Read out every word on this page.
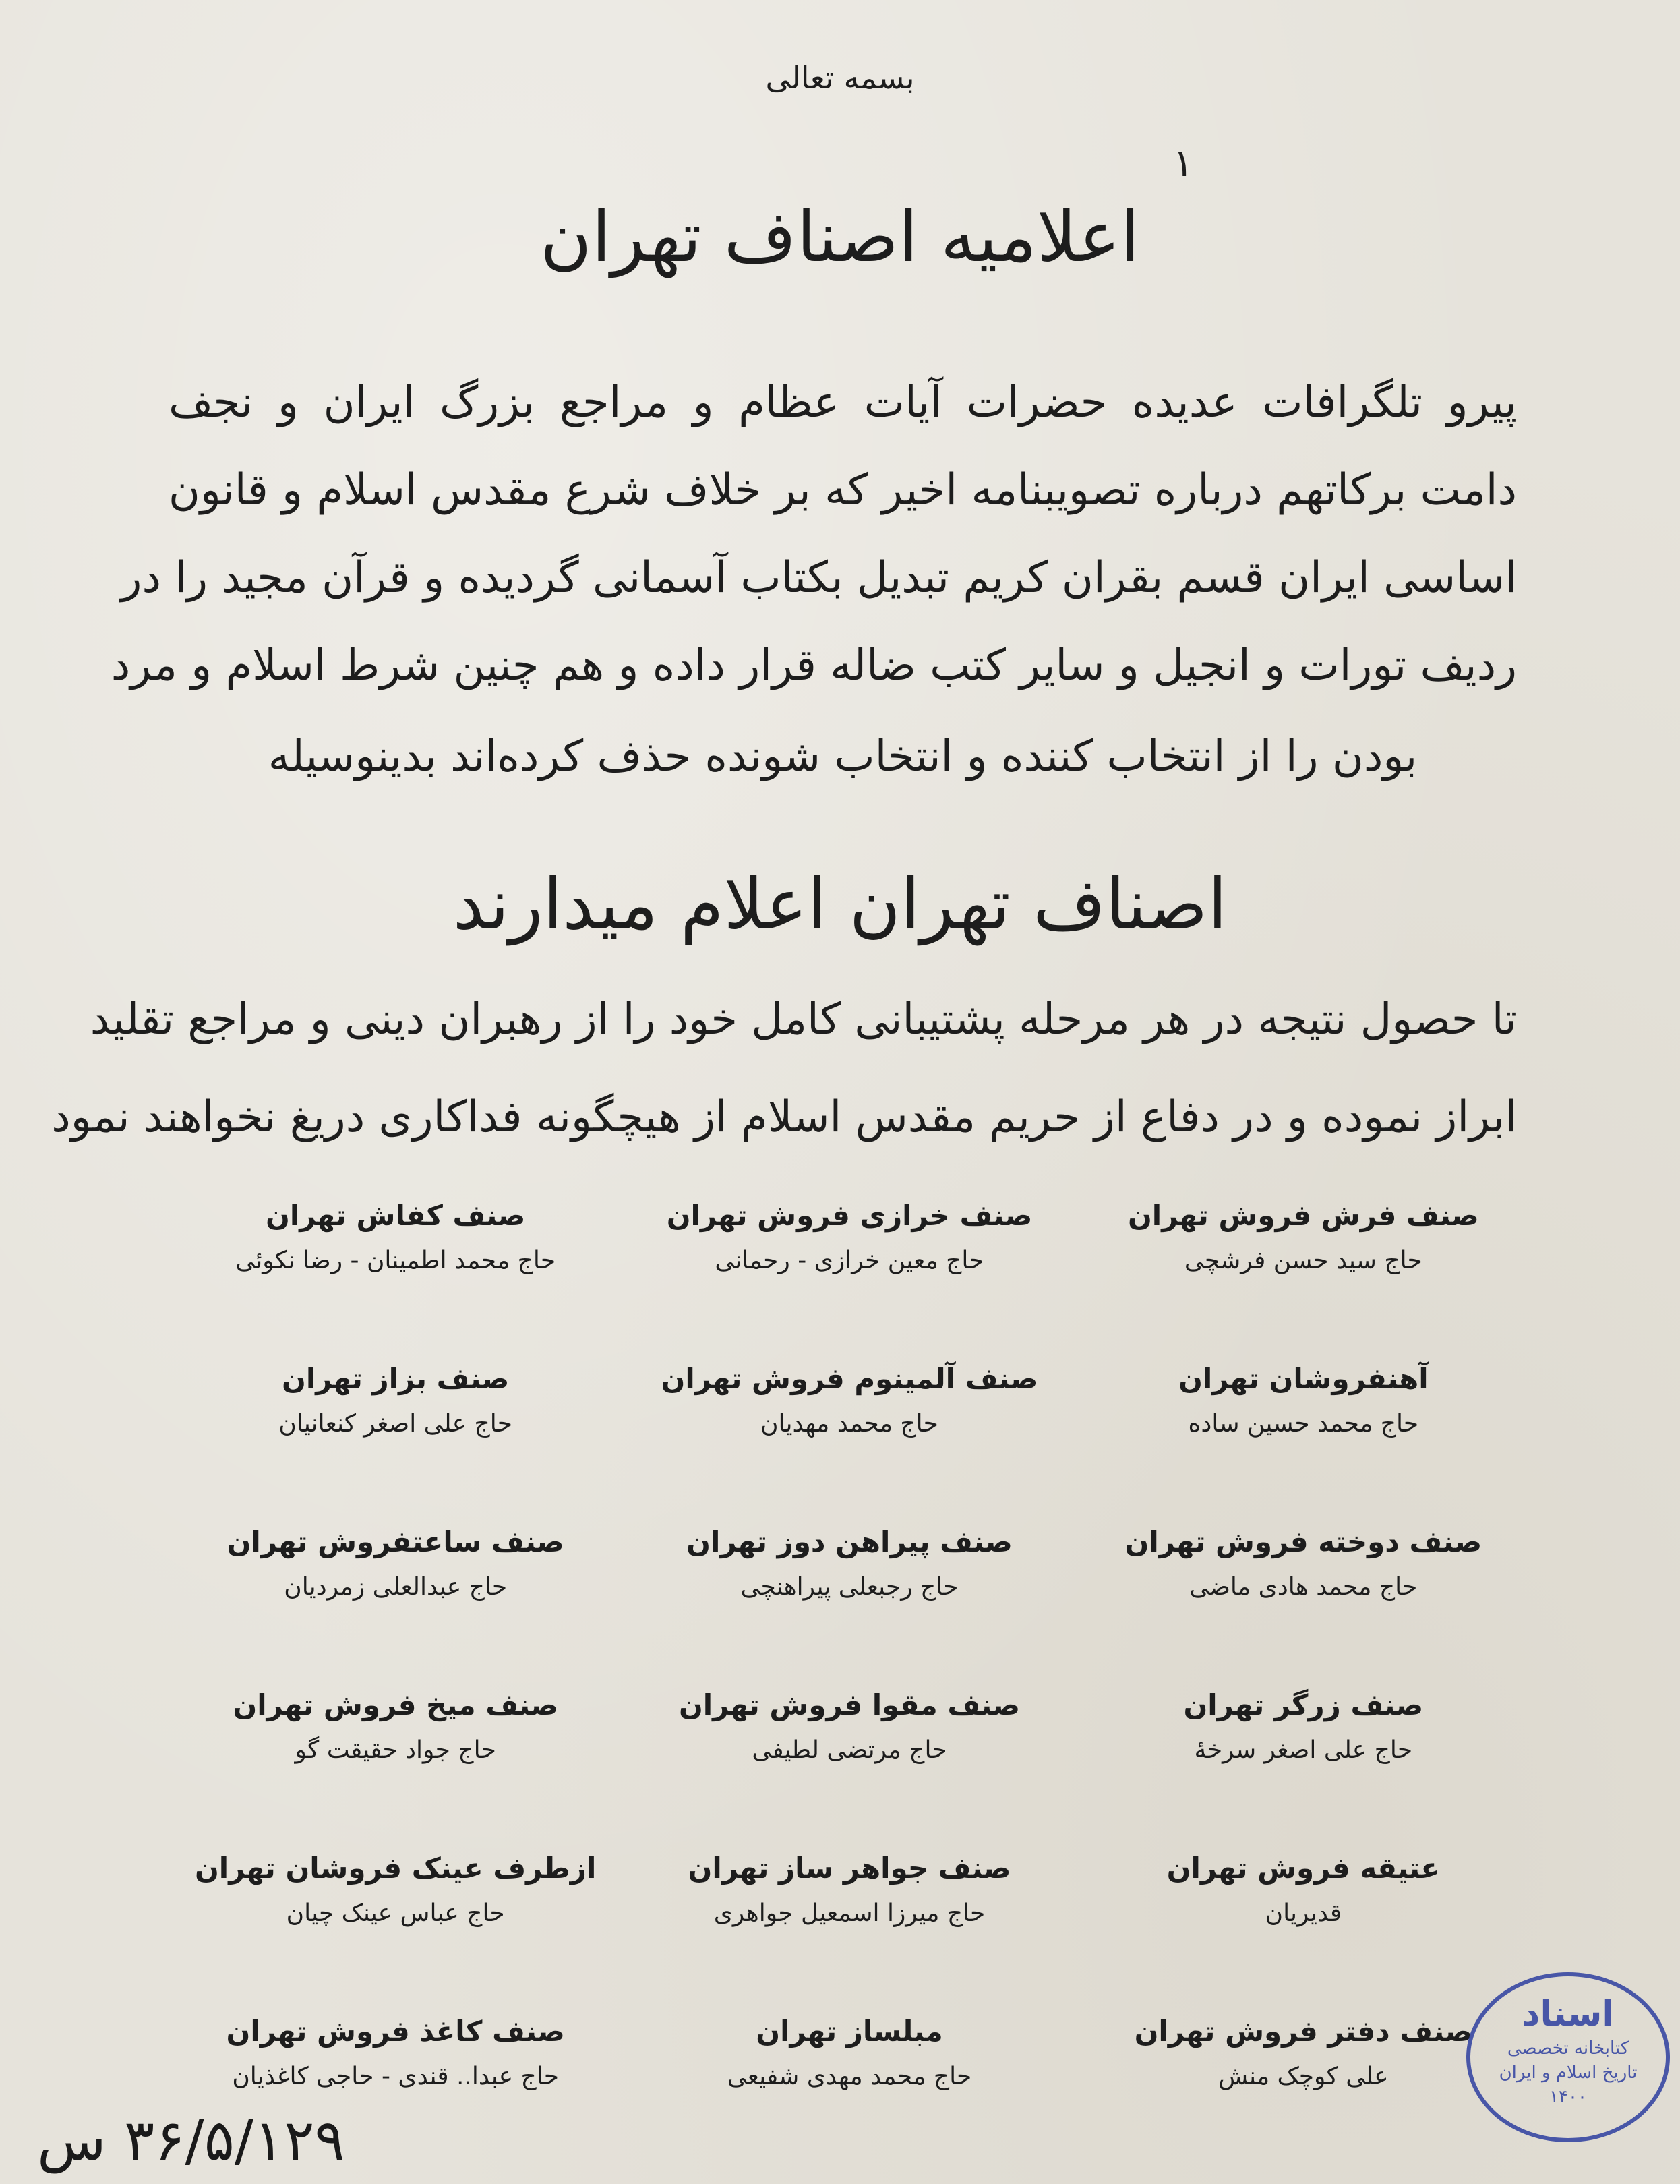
بسمه تعالی
۱
اعلامیه اصناف تهران
پیرو تلگرافات عدیده حضرات آیات عظام و مراجع بزرگ ایران و نجف
دامت برکاتهم درباره تصویبنامه اخیر که بر خلاف شرع مقدس اسلام و قانون
اساسی ایران قسم بقران کریم تبدیل بکتاب آسمانی گردیده و قرآن مجید را در
ردیف تورات و انجیل و سایر کتب ضاله قرار داده و هم چنین شرط اسلام و مرد
بودن را از انتخاب کننده و انتخاب شونده حذف کرده‌اند بدینوسیله
اصناف تهران اعلام میدارند
تا حصول نتیجه در هر مرحله پشتیبانی کامل خود را از رهبران دینی و مراجع تقلید
ابراز نموده و در دفاع از حریم مقدس اسلام از هیچگونه فداکاری دریغ نخواهند نمود
صنف فرش فروش تهران
حاج سید حسن فرشچی
صنف خرازی فروش تهران
حاج معین خرازی - رحمانی
صنف کفاش تهران
حاج محمد اطمینان - رضا نکوئی
آهنفروشان تهران
حاج محمد حسین ساده
صنف آلمینوم فروش تهران
حاج محمد مهدیان
صنف بزاز تهران
حاج علی اصغر کنعانیان
صنف دوخته فروش تهران
حاج محمد هادی ماضی
صنف پیراهن دوز تهران
حاج رجبعلی پیراهنچی
صنف ساعتفروش تهران
حاج عبدالعلی زمردیان
صنف زرگر تهران
حاج علی اصغر سرخهٔ
صنف مقوا فروش تهران
حاج مرتضی لطیفی
صنف میخ فروش تهران
حاج جواد حقیقت گو
عتیقه فروش تهران
قدیریان
صنف جواهر ساز تهران
حاج میرزا اسمعیل جواهری
ازطرف عینک فروشان تهران
حاج عباس عینک چیان
صنف دفتر فروش تهران
علی کوچک منش
مبلساز تهران
حاج محمد مهدی شفیعی
صنف کاغذ فروش تهران
حاج عبدا.. قندی - حاجی کاغذیان
اسناد
کتابخانه تخصصی
تاریخ اسلام و ایران
۱۴۰۰
۳۶/۵/۱۲۹ س
